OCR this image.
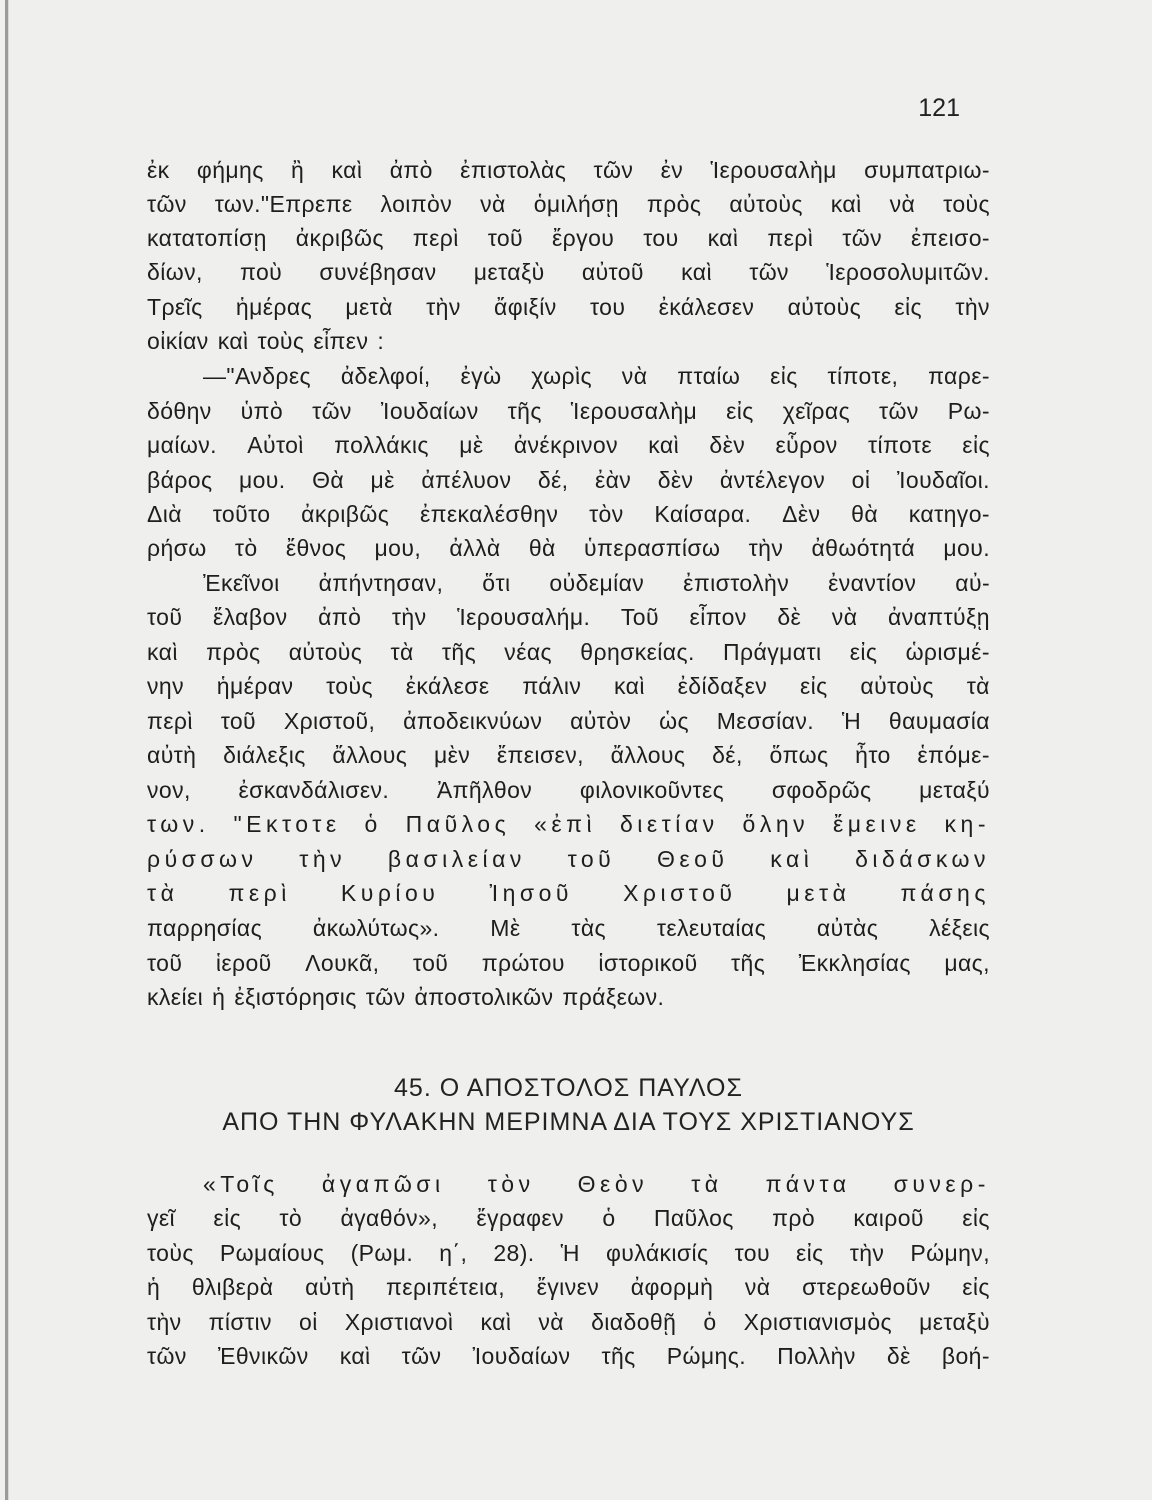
121
ἐκ φήμης ἢ καὶ ἀπὸ ἐπιστολὰς τῶν ἐν Ἱερουσαλὴμ συμπατριω-
τῶν των."Επρεπε λοιπὸν νὰ ὁμιλήσῃ πρὸς αὐτοὺς καὶ νὰ τοὺς
κατατοπίσῃ ἀκριβῶς περὶ τοῦ ἔργου του καὶ περὶ τῶν ἐπεισο-
δίων, ποὺ συνέβησαν μεταξὺ αὐτοῦ καὶ τῶν Ἱεροσολυμιτῶν.
Τρεῖς ἡμέρας μετὰ τὴν ἄφιξίν του ἐκάλεσεν αὐτοὺς εἰς τὴν
οἰκίαν καὶ τοὺς εἶπεν :
—"Ανδρες ἀδελφοί, ἐγὼ χωρὶς νὰ πταίω εἰς τίποτε, παρε-
δόθην ὑπὸ τῶν Ἰουδαίων τῆς Ἱερουσαλὴμ εἰς χεῖρας τῶν Ρω-
μαίων. Αὐτοὶ πολλάκις μὲ ἀνέκρινον καὶ δὲν εὗρον τίποτε εἰς
βάρος μου. Θὰ μὲ ἀπέλυον δέ, ἐὰν δὲν ἀντέλεγον οἱ Ἰουδαῖοι.
Διὰ τοῦτο ἀκριβῶς ἐπεκαλέσθην τὸν Καίσαρα. Δὲν θὰ κατηγο-
ρήσω τὸ ἔθνος μου, ἀλλὰ θὰ ὑπερασπίσω τὴν ἀθωότητά μου.
Ἐκεῖνοι ἀπήντησαν, ὅτι οὐδεμίαν ἐπιστολὴν ἐναντίον αὐ-
τοῦ ἔλαβον ἀπὸ τὴν Ἱερουσαλήμ. Τοῦ εἶπον δὲ νὰ ἀναπτύξῃ
καὶ πρὸς αὐτοὺς τὰ τῆς νέας θρησκείας. Πράγματι εἰς ὡρισμέ-
νην ἡμέραν τοὺς ἐκάλεσε πάλιν καὶ ἐδίδαξεν εἰς αὐτοὺς τὰ
περὶ τοῦ Χριστοῦ, ἀποδεικνύων αὐτὸν ὡς Μεσσίαν. Ἡ θαυμασία
αὐτὴ διάλεξις ἄλλους μὲν ἔπεισεν, ἄλλους δέ, ὅπως ἦτο ἑπόμε-
νον, ἐσκανδάλισεν. Ἀπῆλθον φιλονικοῦντες σφοδρῶς μεταξύ
των. "Εκτοτε ὁ Παῦλος «ἐπὶ διετίαν ὅλην ἔμεινε κη-
ρύσσων τὴν βασιλείαν τοῦ Θεοῦ καὶ διδάσκων
τὰ περὶ Κυρίου Ἰησοῦ Χριστοῦ μετὰ πάσης
παρρησίας ἀκωλύτως». Μὲ τὰς τελευταίας αὐτὰς λέξεις
τοῦ ἱεροῦ Λουκᾶ, τοῦ πρώτου ἱστορικοῦ τῆς Ἐκκλησίας μας,
κλείει ἡ ἐξιστόρησις τῶν ἀποστολικῶν πράξεων.
45. Ο ΑΠΟΣΤΟΛΟΣ ΠΑΥΛΟΣ
ΑΠΟ ΤΗΝ ΦΥΛΑΚΗΝ ΜΕΡΙΜΝΑ ΔΙΑ ΤΟΥΣ ΧΡΙΣΤΙΑΝΟΥΣ
«Τοῖς ἀγαπῶσι τὸν Θεὸν τὰ πάντα συνερ-
γεῖ εἰς τὸ ἀγαθόν», ἔγραφεν ὁ Παῦλος πρὸ καιροῦ εἰς
τοὺς Ρωμαίους (Ρωμ. η΄, 28). Ἡ φυλάκισίς του εἰς τὴν Ρώμην,
ἡ θλιβερὰ αὐτὴ περιπέτεια, ἔγινεν ἀφορμὴ νὰ στερεωθοῦν εἰς
τὴν πίστιν οἱ Χριστιανοὶ καὶ νὰ διαδοθῇ ὁ Χριστιανισμὸς μεταξὺ
τῶν Ἐθνικῶν καὶ τῶν Ἰουδαίων τῆς Ρώμης. Πολλὴν δὲ βοή-
